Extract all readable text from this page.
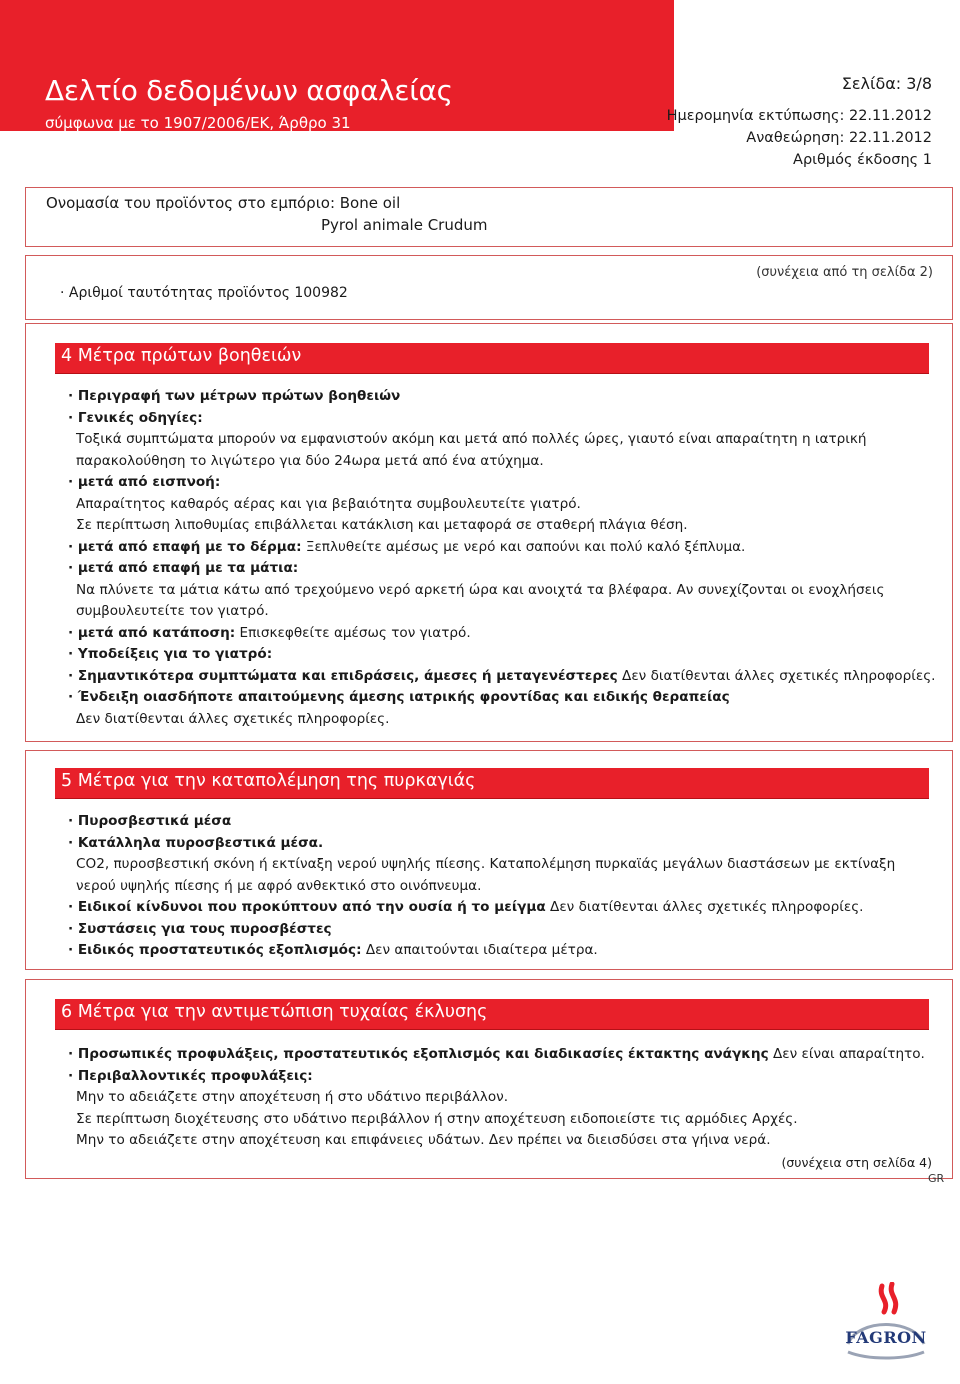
Δελτίο δεδομένων ασφαλείας
σύμφωνα με το 1907/2006/ΕΚ, Άρθρο 31
Σελίδα: 3/8
Ημερομηνία εκτύπωσης: 22.11.2012
Αναθεώρηση: 22.11.2012
Αριθμός έκδοσης 1
Ονομασία του προϊόντος στο εμπόριο: Bone oil
Pyrol animale Crudum
(συνέχεια από τη σελίδα 2)
· Αριθμοί ταυτότητας προϊόντος 100982
4 Μέτρα πρώτων βοηθειών
· Περιγραφή των μέτρων πρώτων βοηθειών
· Γενικές οδηγίες:
Τοξικά συμπτώματα μπορούν να εμφανιστούν ακόμη και μετά από πολλές ώρες, γιαυτό είναι απαραίτητη η ιατρική
παρακολούθηση το λιγώτερο για δύο 24ωρα μετά από ένα ατύχημα.
· μετά από εισπνοή:
Απαραίτητος καθαρός αέρας και για βεβαιότητα συμβουλευτείτε γιατρό.
Σε περίπτωση λιποθυμίας επιβάλλεται κατάκλιση και μεταφορά σε σταθερή πλάγια θέση.
· μετά από επαφή με το δέρμα: Ξεπλυθείτε αμέσως με νερό και σαπούνι και πολύ καλό ξέπλυμα.
· μετά από επαφή με τα μάτια:
Να πλύνετε τα μάτια κάτω από τρεχούμενο νερό αρκετή ώρα και ανοιχτά τα βλέφαρα. Αν συνεχίζονται οι ενοχλήσεις
συμβουλευτείτε τον γιατρό.
· μετά από κατάποση: Επισκεφθείτε αμέσως τον γιατρό.
· Υποδείξεις για το γιατρό:
· Σημαντικότερα συμπτώματα και επιδράσεις, άμεσες ή μεταγενέστερες Δεν διατίθενται άλλες σχετικές πληροφορίες.
· Ένδειξη οιασδήποτε απαιτούμενης άμεσης ιατρικής φροντίδας και ειδικής θεραπείας
Δεν διατίθενται άλλες σχετικές πληροφορίες.
5 Μέτρα για την καταπολέμηση της πυρκαγιάς
· Πυροσβεστικά μέσα
· Κατάλληλα πυροσβεστικά μέσα.
CO2, πυροσβεστική σκόνη ή εκτίναξη νερού υψηλής πίεσης. Καταπολέμηση πυρκαϊάς μεγάλων διαστάσεων με εκτίναξη
νερού υψηλής πίεσης ή με αφρό ανθεκτικό στο οινόπνευμα.
· Ειδικοί κίνδυνοι που προκύπτουν από την ουσία ή το μείγμα Δεν διατίθενται άλλες σχετικές πληροφορίες.
· Συστάσεις για τους πυροσβέστες
· Ειδικός προστατευτικός εξοπλισμός: Δεν απαιτούνται ιδιαίτερα μέτρα.
6 Μέτρα για την αντιμετώπιση τυχαίας έκλυσης
· Προσωπικές προφυλάξεις, προστατευτικός εξοπλισμός και διαδικασίες έκτακτης ανάγκης Δεν είναι απαραίτητο.
· Περιβαλλοντικές προφυλάξεις:
Μην το αδειάζετε στην αποχέτευση ή στο υδάτινο περιβάλλον.
Σε περίπτωση διοχέτευσης στο υδάτινο περιβάλλον ή στην αποχέτευση ειδοποιείστε τις αρμόδιες Αρχές.
Μην το αδειάζετε στην αποχέτευση και επιφάνειες υδάτων. Δεν πρέπει να διεισδύσει στα γήινα νερά.
(συνέχεια στη σελίδα 4)
GR
FAGRON
